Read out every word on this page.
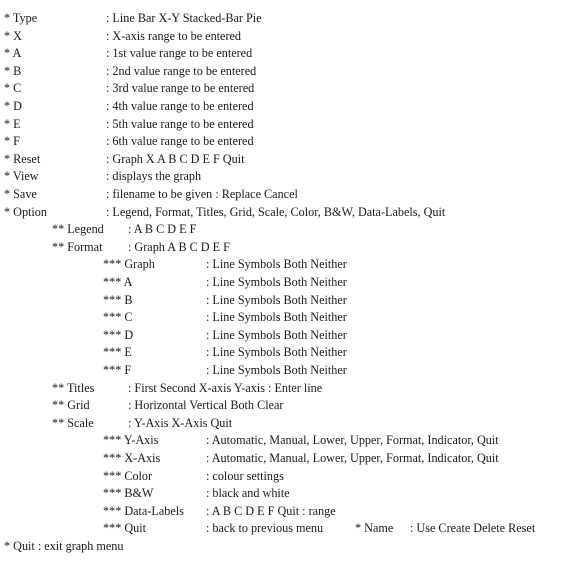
* Type	: Line Bar X-Y Stacked-Bar Pie
* X	: X-axis range to be entered
* A	: 1st value range to be entered
* B	: 2nd value range to be entered
* C	: 3rd value range to be entered
* D	: 4th value range to be entered
* E	: 5th value range to be entered
* F	: 6th value range to be entered
* Reset	: Graph X A B C D E F Quit
* View	: displays the graph
* Save	: filename to be given : Replace Cancel
* Option	: Legend, Format, Titles, Grid, Scale, Color, B&W, Data-Labels, Quit
** Legend : A B C D E F
** Format : Graph A B C D E F
*** Graph	: Line Symbols Both Neither
*** A	: Line Symbols Both Neither
*** B	: Line Symbols Both Neither
*** C	: Line Symbols Both Neither
*** D	: Line Symbols Both Neither
*** E	: Line Symbols Both Neither
*** F	: Line Symbols Both Neither
** Titles	: First Second X-axis Y-axis : Enter line
** Grid	: Horizontal Vertical Both Clear
** Scale	: Y-Axis X-Axis Quit
*** Y-Axis	: Automatic, Manual, Lower, Upper, Format, Indicator, Quit
*** X-Axis	: Automatic, Manual, Lower, Upper, Format, Indicator, Quit
*** Color	: colour settings
*** B&W	: black and white
*** Data-Labels : A B C D E F Quit : range
*** Quit	: back to previous menu	* Name : Use Create Delete Reset
* Quit : exit graph menu
